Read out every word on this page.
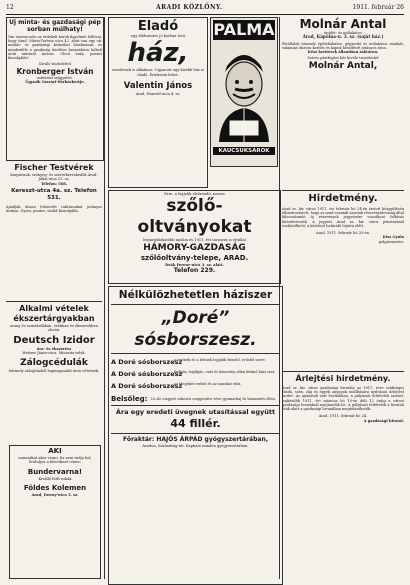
12	ARADI KÖZLÖNY.	1911. február 26
Uj minta- és gazdasági pép sorban múlhaty!
Van szerencsém az érdekelt körök figyelmét felhívni, hogy Arad, Mária-Terézia utca 42. alatt van egy ok-mintás- és gazdasági kelméket bizalmasan, és mindenféle a gazdaság körében használatos kőbeli áruk raktárát tartom. Olcsó árak, pontos kiszolgálás!
Kiváló tisztelettel
Kronberger István
műtermi szíjgyártó.
Ügynök Vasvári-Sörházkertje.
Fischer Testvérek
kárpitosok, szőnyeg- és szövetkereskedők Arad, Jókai-utca 23. sz.
Telefon: 568.
Kereszt-utca 4a. sz. Telefon 531.
Ajánljuk dúsan felszerelt raktárunkat jutányos árakon. Gyors, pontos, szolid kiszolgálás.
Alkalmi vételek
ékszertárgyakban
arany és ezüstárúkban, órákban és ékszerekben olcsón.
Deutsch Izidor
óra- és ékszerész
Weitzer János-utca, Minorita-telek.
Zálogcédulák
bármely zálogházból legmagasabb áron vétetnek.
AKI
szamárkát akar venni, ha nem tudja hol, forduljon a következő címre:
Bundervarna!
Kiválló férfi ruhák
Földes Kolemen
Arad, Forray-utca 5. sz.
Eladó
egy földszintes jó karban levő
ház,
emeletnek is alkalmas. Ugyanott egy kisebb ház is eladó. Értekezni lehet:
Valentin János
Arad, Honvéd-utca 4. sz.
PALMA
KAUCSUKSAROK
Molnár Antal
épület- és műlakatos
Arad, Kápolna-u. 3. sz. (saját ház.)
Elvállalok bármely épületlakatos, gépjavító és műlakatos munkát, valamint díszvas kerítés és kapuk készítését jutányos áron.
Kész kerítések állandóan raktáron.
Szíves pártfogást kér kiváló tisztelettel
Molnár Antal,
Hirdetmény.
Arad sz. kir. város 1911. évi február hó 24-én tartott közgyűlésén elhatároztatott, hogy az arad-csanádi vasutak részvénytársaság által kibocsátandó új részvények jegyzésére vonatkozó felhívás közzétetessék. A jegyzés Arad sz. kir. város pénztáránál eszközölhető, a kötelező határidő lejárta előtt.
Arad, 1911. február hó 25-én.
Kiss Gyula
polgármester.
Árlejtési hirdetmény.
Arad sz. kir. város gazdasági hivatala az 1911. évre szükséges tűzifa, szén, olaj és egyéb anyagok szállítására nyilvános árlejtést hirdet. Az ajánlatok zárt borítékban, a pályázati feltételek szerint, legkésőbb 1911. évi március hó 10-én déli 12 óráig a városi gazdasági hivatalnál nyújtandók be. A pályázati feltételek a hivatali órák alatt a gazdasági hivatalban megtekinthetők.
Arad, 1911. február hó 24.
A gazdasági hivatal.
Erre, a legjobb elsőrendű, nemes
szőlő-oltványokat
legmegbízhatóbb módon és 1911. évi tavaszra is elvállal
HÁMORY-GAZDASÁG
szőlőoltvány-telepe, ARAD.
Deák Ferenc-utca 3. sz. alatt.
Telefon 229.
Nélkülözhetetlen háziszer
„Doré” sósborszesz.
A Doré sósborszesz
a testnek és a bőrnek legjobb frissítő, erősítő szere.
A Doré sósborszesz
fejfájás, fogfájás, csúz és köszvény ellen kitűnő házi szer.
A Doré sósborszesz
az idegeket erősíti és az izmokat edzi.
Belsőleg: 20–40 cseppet cukorra cseppentve véve gyomorbaj és hasmenés ellen.
Ára egy eredeti üvegnek utasítással együtt
44 fillér.
Főraktár: HAJÓS ÁRPÁD gyógyszertárában,
Aradon, Szabadság-tér. Kapható minden gyógyszertárban.
